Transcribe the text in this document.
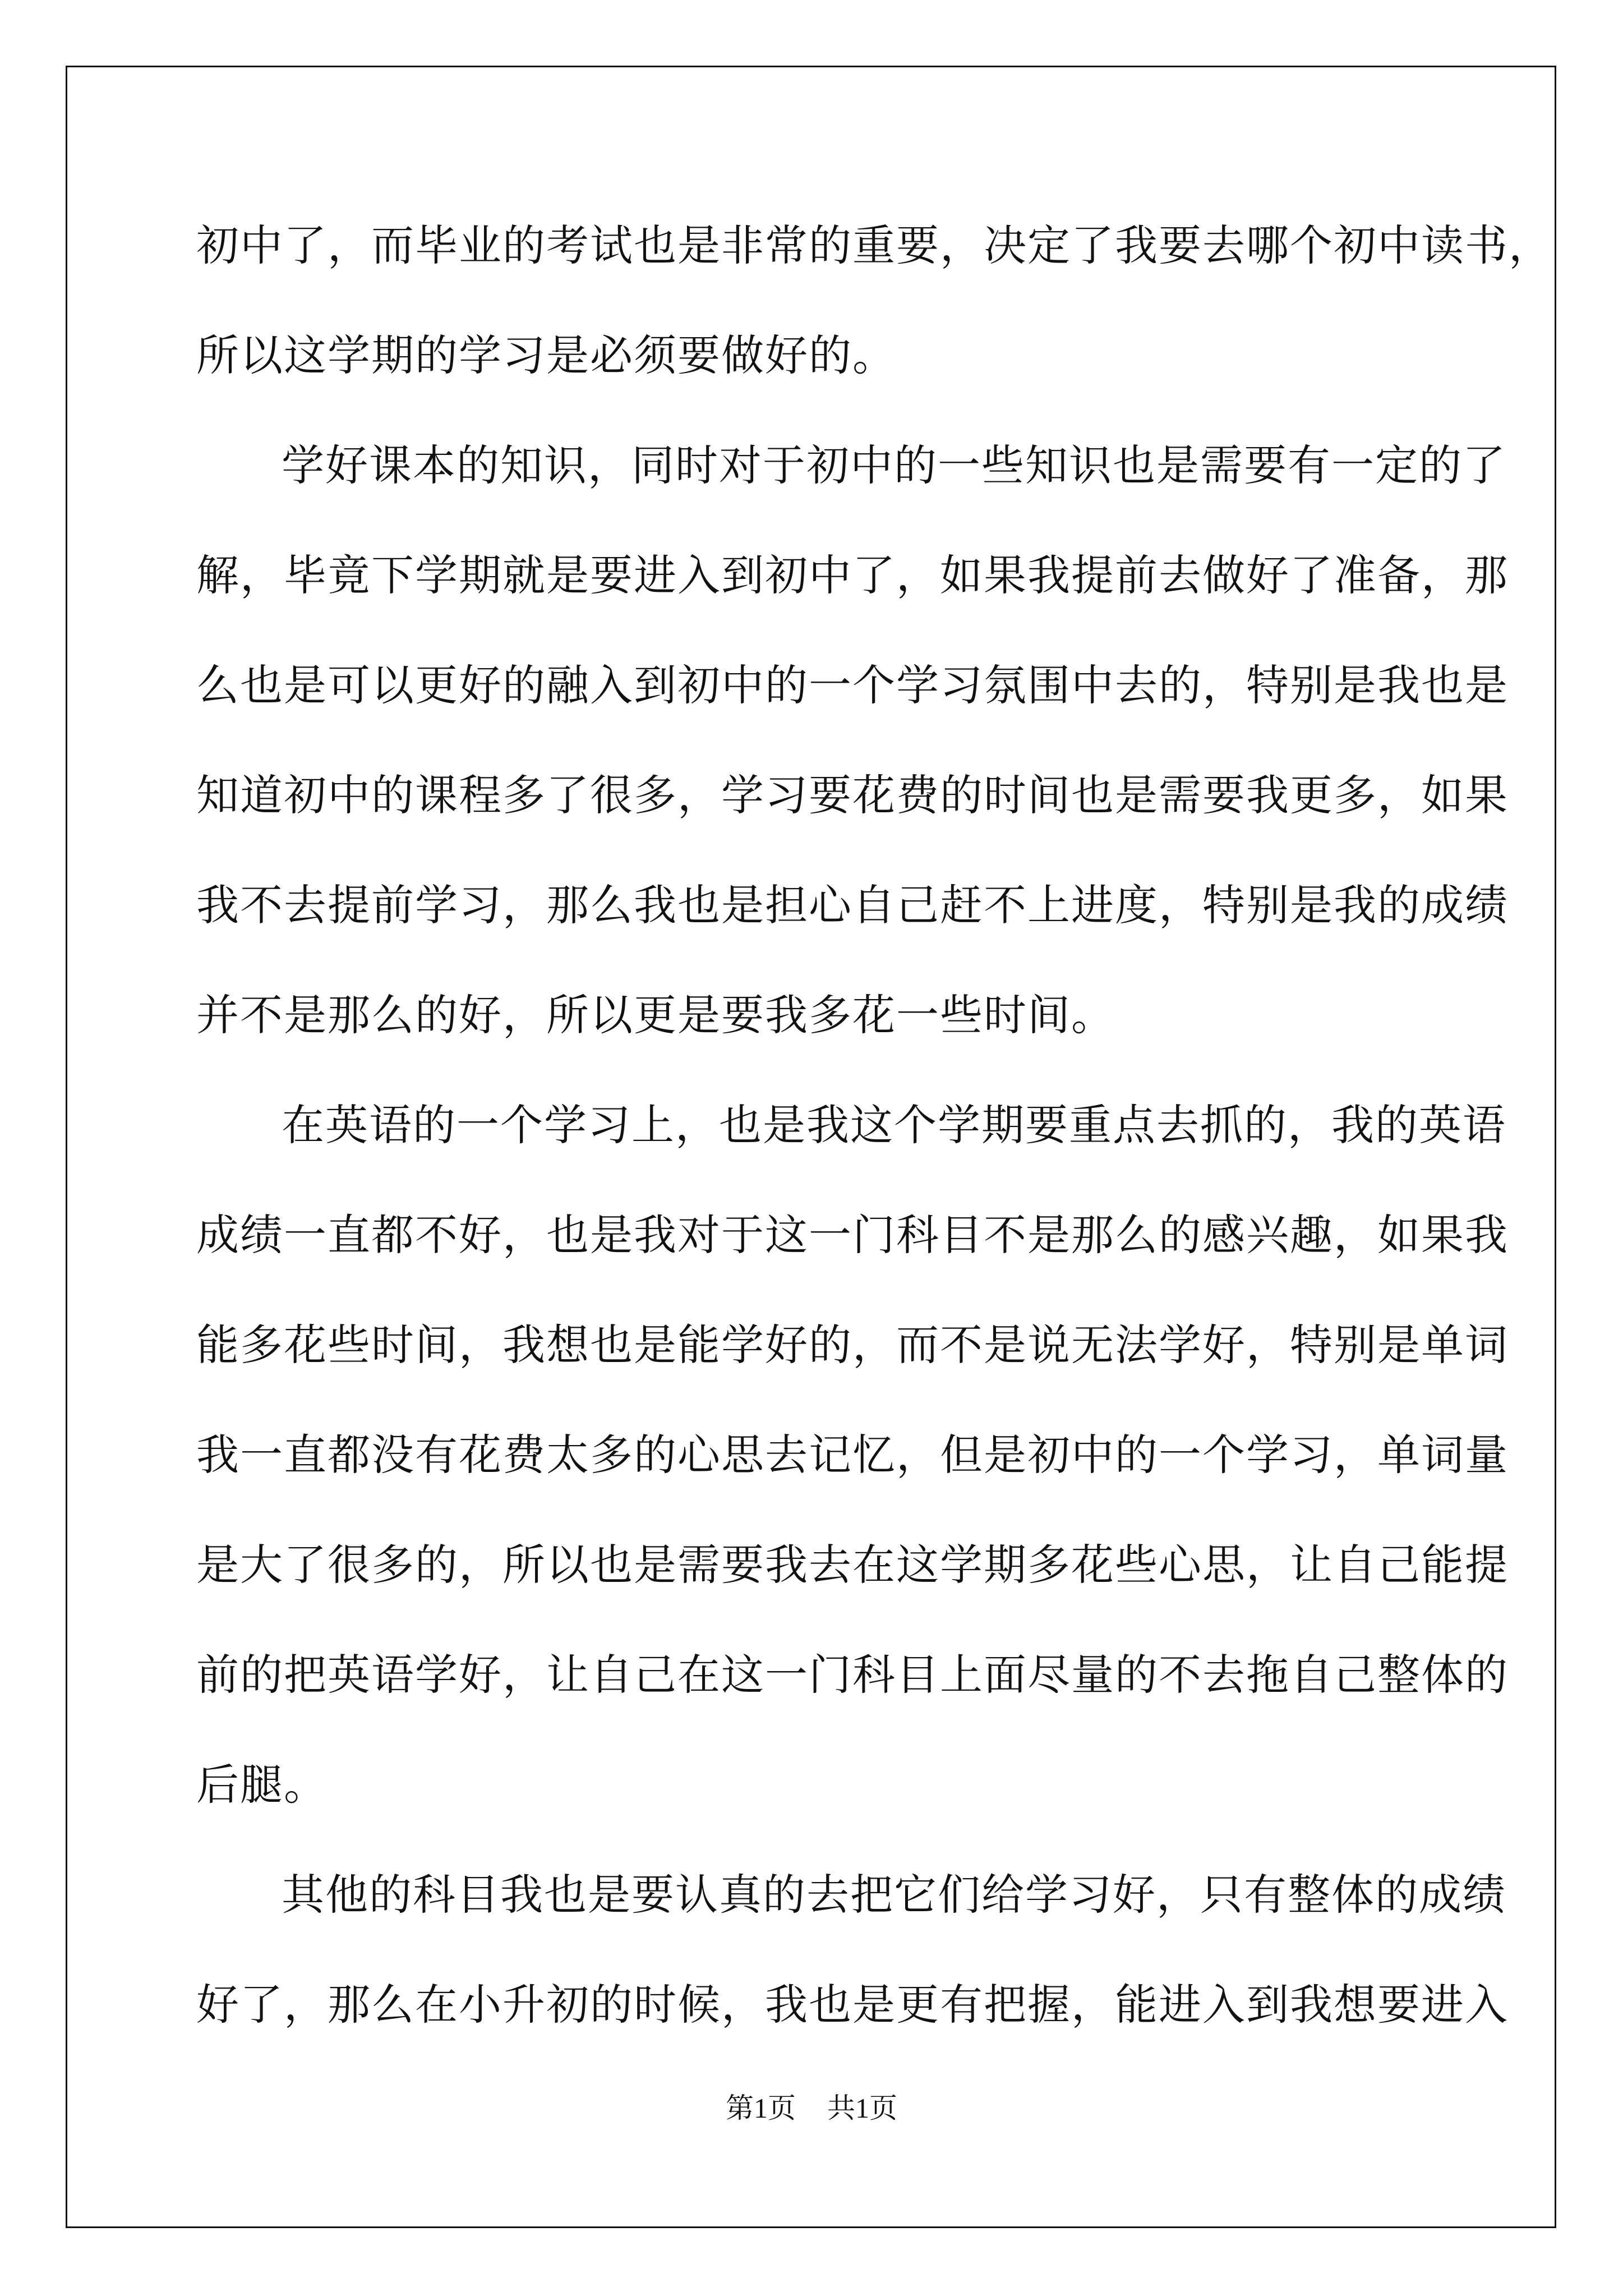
初中了，而毕业的考试也是非常的重要，决定了我要去哪个初中读书，
所以这学期的学习是必须要做好的。
学好课本的知识，同时对于初中的一些知识也是需要有一定的了
解，毕竟下学期就是要进入到初中了，如果我提前去做好了准备，那
么也是可以更好的融入到初中的一个学习氛围中去的，特别是我也是
知道初中的课程多了很多，学习要花费的时间也是需要我更多，如果
我不去提前学习，那么我也是担心自己赶不上进度，特别是我的成绩
并不是那么的好，所以更是要我多花一些时间。
在英语的一个学习上，也是我这个学期要重点去抓的，我的英语
成绩一直都不好，也是我对于这一门科目不是那么的感兴趣，如果我
能多花些时间，我想也是能学好的，而不是说无法学好，特别是单词
我一直都没有花费太多的心思去记忆，但是初中的一个学习，单词量
是大了很多的，所以也是需要我去在这学期多花些心思，让自己能提
前的把英语学好，让自己在这一门科目上面尽量的不去拖自己整体的
后腿。
其他的科目我也是要认真的去把它们给学习好，只有整体的成绩
好了，那么在小升初的时候，我也是更有把握，能进入到我想要进入
第1页 共1页
